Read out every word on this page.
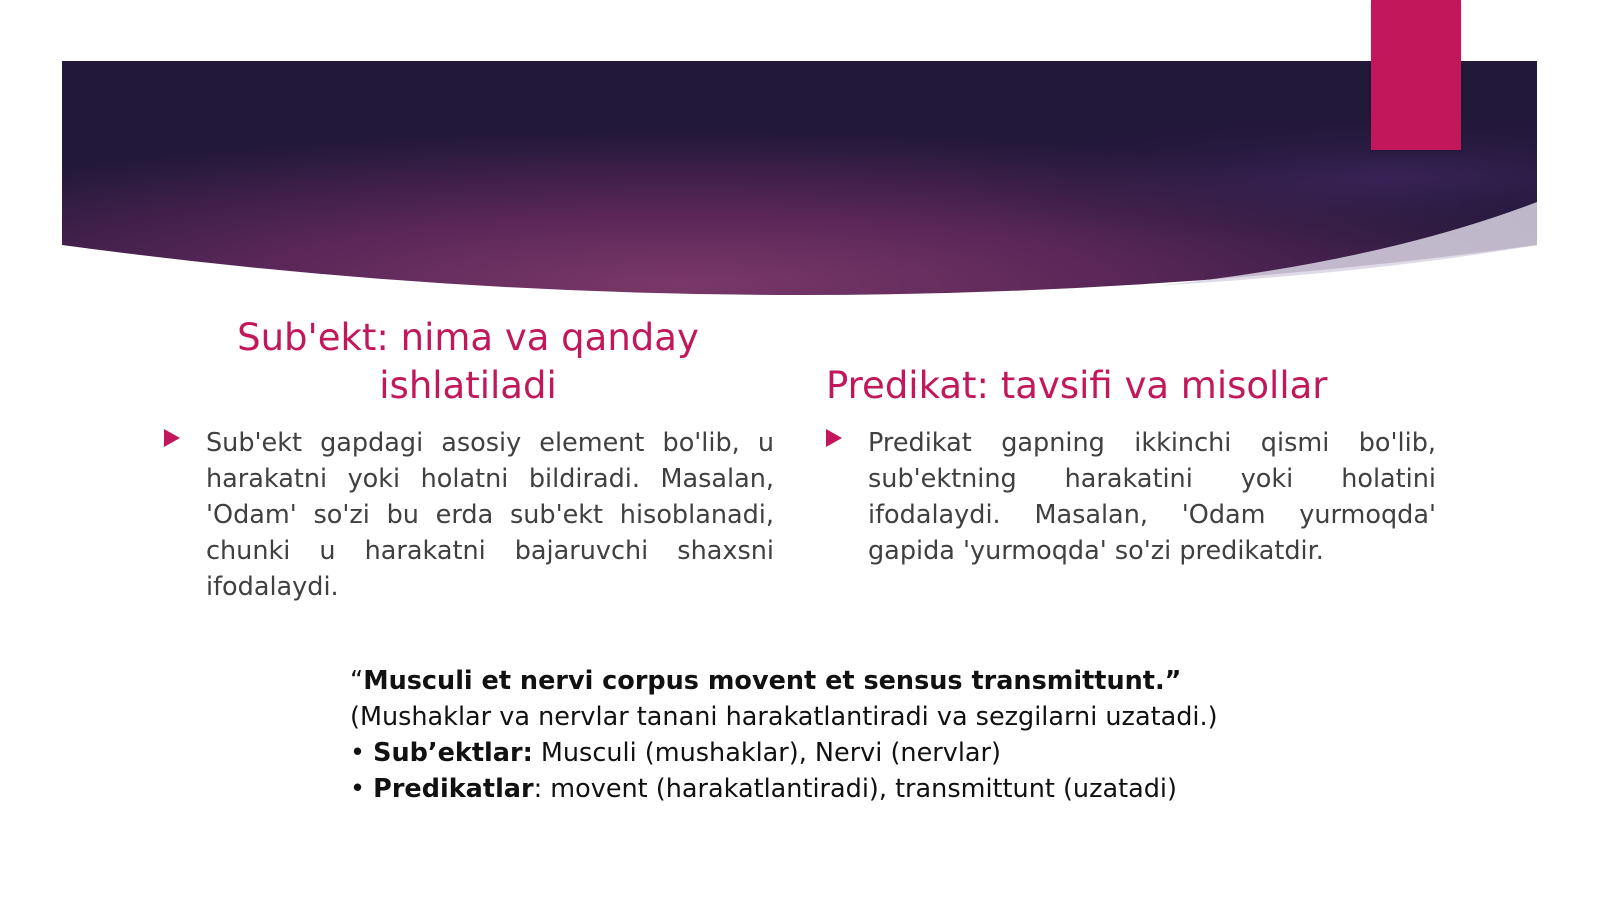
Sub'ekt: nima va qanday ishlatiladi	Predikat: tavsifi va misollar
Sub'ekt gapdagi asosiy element bo'lib, u harakatni yoki holatni bildiradi. Masalan, 'Odam' so'zi bu erda sub'ekt hisoblanadi, chunki u harakatni bajaruvchi shaxsni ifodalaydi.
Predikat gapning ikkinchi qismi bo'lib, sub'ektning harakatini yoki holatini ifodalaydi. Masalan, 'Odam yurmoqda' gapida 'yurmoqda' so'zi predikatdir.
“Musculi et nervi corpus movent et sensus transmittunt.”
(Mushaklar va nervlar tanani harakatlantiradi va sezgilarni uzatadi.)
• Sub’ektlar: Musculi (mushaklar), Nervi (nervlar)
• Predikatlar: movent (harakatlantiradi), transmittunt (uzatadi)
